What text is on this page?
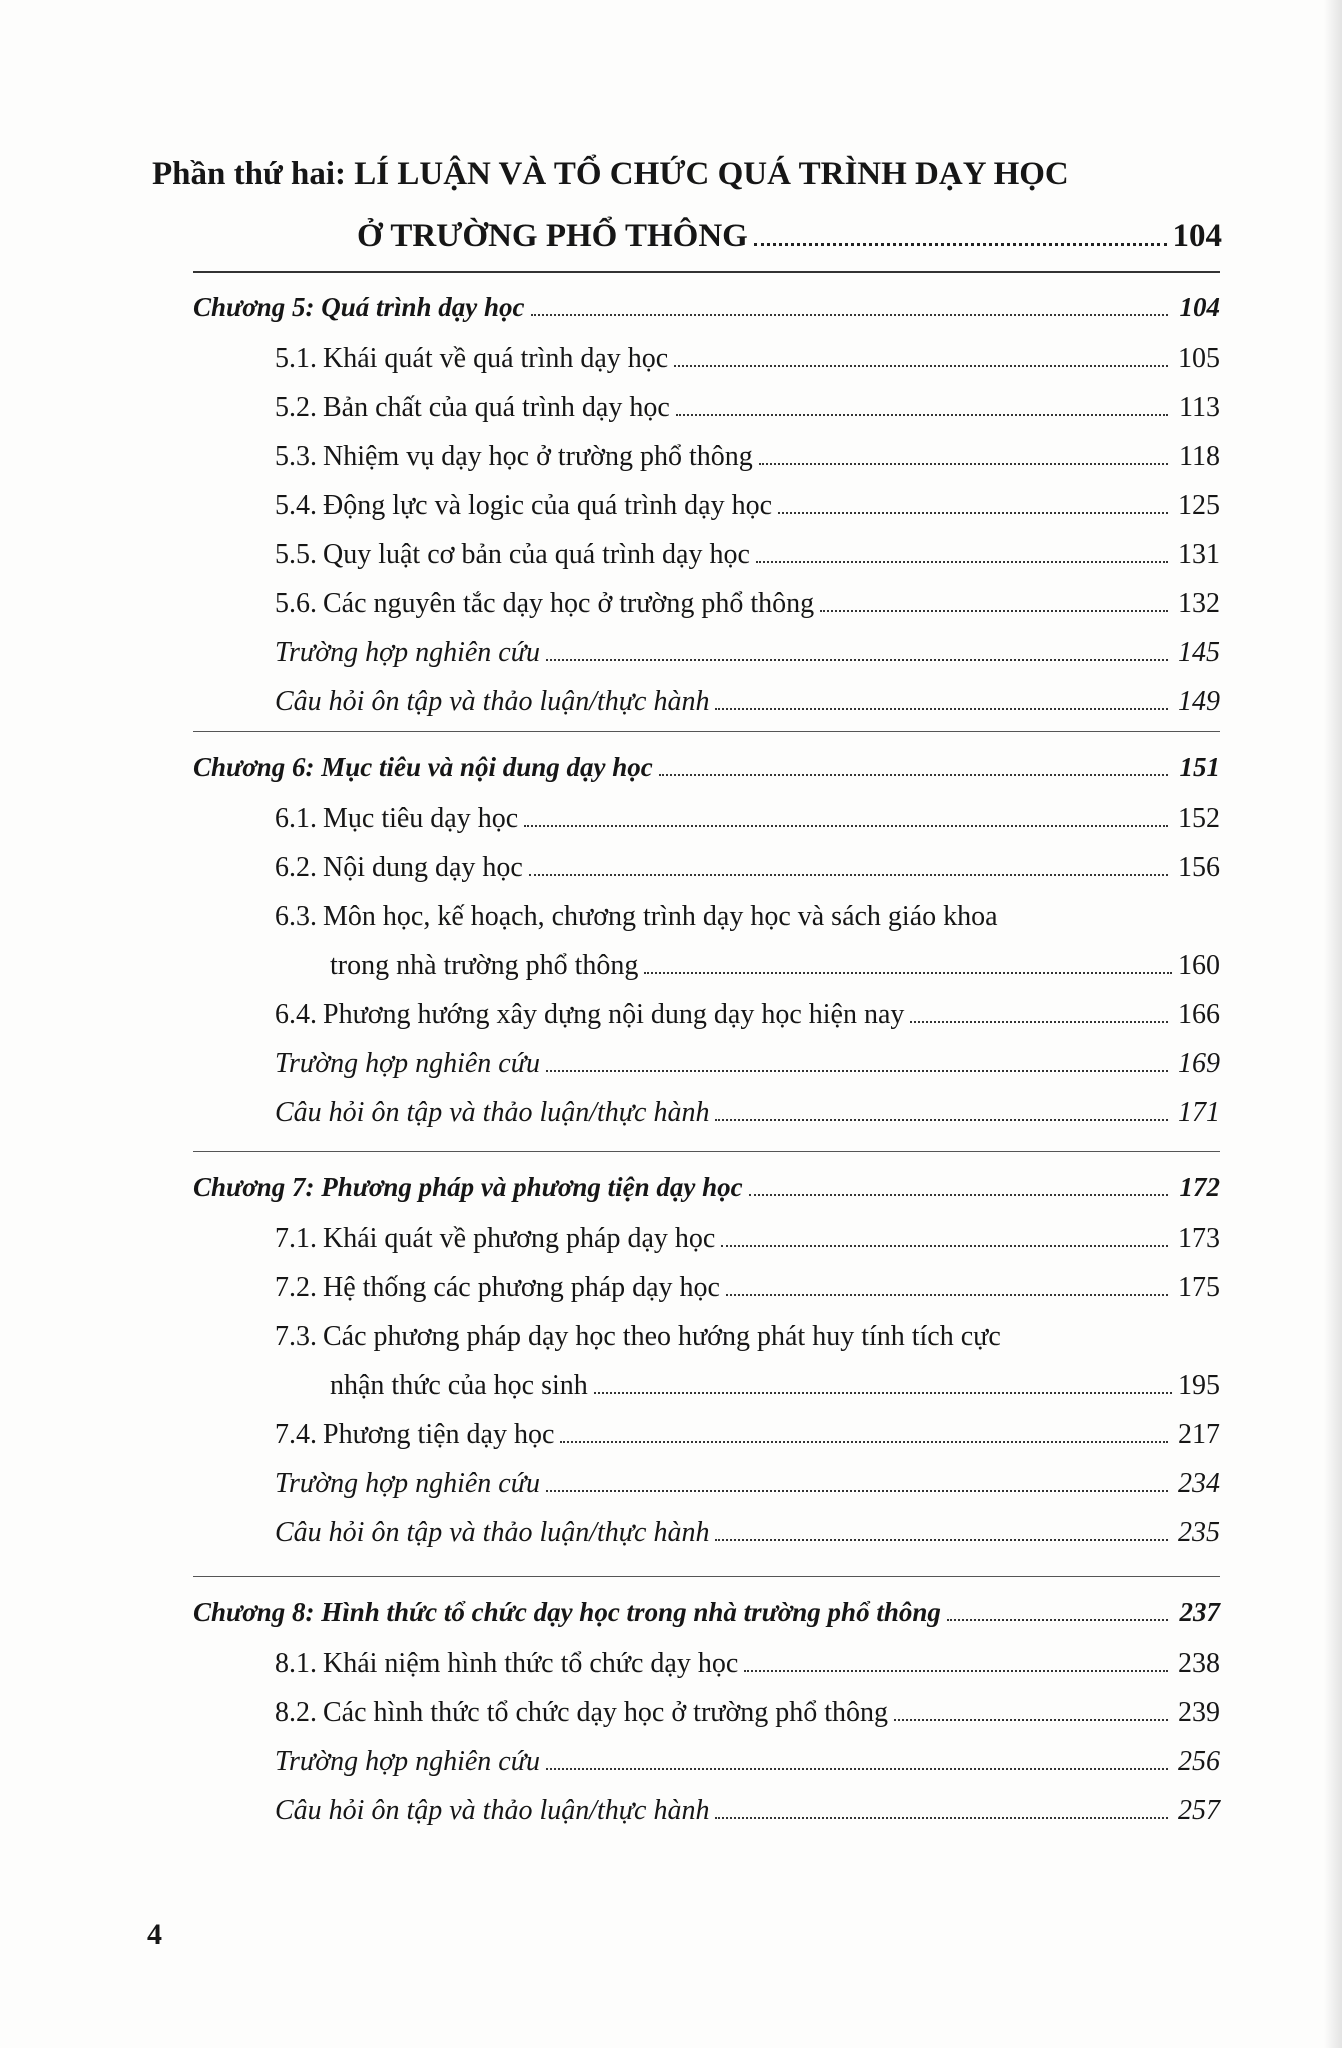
Phần thứ hai: LÍ LUẬN VÀ TỔ CHỨC QUÁ TRÌNH DẠY HỌC
Ở TRƯỜNG PHỔ THÔNG	104
Chương 5: Quá trình dạy học	104
5.1. Khái quát về quá trình dạy học	105
5.2. Bản chất của quá trình dạy học	113
5.3. Nhiệm vụ dạy học ở trường phổ thông	118
5.4. Động lực và logic của quá trình dạy học	125
5.5. Quy luật cơ bản của quá trình dạy học	131
5.6. Các nguyên tắc dạy học ở trường phổ thông	132
Trường hợp nghiên cứu	145
Câu hỏi ôn tập và thảo luận/thực hành	149
Chương 6: Mục tiêu và nội dung dạy học	151
6.1. Mục tiêu dạy học	152
6.2. Nội dung dạy học	156
6.3. Môn học, kế hoạch, chương trình dạy học và sách giáo khoa
trong nhà trường phổ thông	160
6.4. Phương hướng xây dựng nội dung dạy học hiện nay	166
Trường hợp nghiên cứu	169
Câu hỏi ôn tập và thảo luận/thực hành	171
Chương 7: Phương pháp và phương tiện dạy học	172
7.1. Khái quát về phương pháp dạy học	173
7.2. Hệ thống các phương pháp dạy học	175
7.3. Các phương pháp dạy học theo hướng phát huy tính tích cực
nhận thức của học sinh	195
7.4. Phương tiện dạy học	217
Trường hợp nghiên cứu	234
Câu hỏi ôn tập và thảo luận/thực hành	235
Chương 8: Hình thức tổ chức dạy học trong nhà trường phổ thông	237
8.1. Khái niệm hình thức tổ chức dạy học	238
8.2. Các hình thức tổ chức dạy học ở trường phổ thông	239
Trường hợp nghiên cứu	256
Câu hỏi ôn tập và thảo luận/thực hành	257
4
